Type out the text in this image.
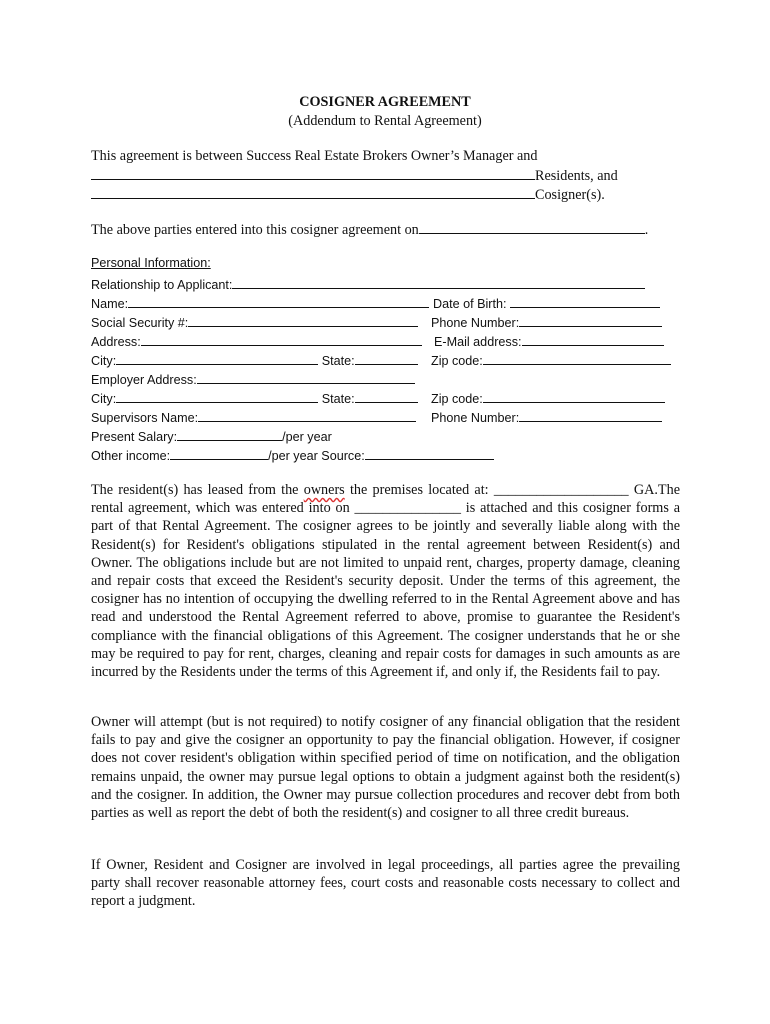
COSIGNER AGREEMENT
(Addendum to Rental Agreement)
This agreement is between Success Real Estate Brokers Owner’s Manager and
Residents, and
Cosigner(s).
The above parties entered into this cosigner agreement on	.
Personal Information:
Relationship to Applicant:
Name:	Date of Birth:
Social Security #:	Phone Number:
Address:	E-Mail address:
City:	State:	Zip code:
Employer Address:
City:	State:	Zip code:
Supervisors Name:	Phone Number:
Present Salary:	/per year
Other income:	/per year Source:
The resident(s) has leased from the owners the premises located at: ___________________ GA.The rental agreement, which was entered into on _______________ is attached and this cosigner forms a part of that Rental Agreement. The cosigner agrees to be jointly and severally liable along with the Resident(s) for Resident's obligations stipulated in the rental agreement between Resident(s) and Owner. The obligations include but are not limited to unpaid rent, charges, property damage, cleaning and repair costs that exceed the Resident's security deposit. Under the terms of this agreement, the cosigner has no intention of occupying the dwelling referred to in the Rental Agreement above and has read and understood the Rental Agreement referred to above, promise to guarantee the Resident's compliance with the financial obligations of this Agreement. The cosigner understands that he or she may be required to pay for rent, charges, cleaning and repair costs for damages in such amounts as are incurred by the Residents under the terms of this Agreement if, and only if, the Residents fail to pay.
Owner will attempt (but is not required) to notify cosigner of any financial obligation that the resident fails to pay and give the cosigner an opportunity to pay the financial obligation. However, if cosigner does not cover resident's obligation within specified period of time on notification, and the obligation remains unpaid, the owner may pursue legal options to obtain a judgment against both the resident(s) and the cosigner. In addition, the Owner may pursue collection procedures and recover debt from both parties as well as report the debt of both the resident(s) and cosigner to all three credit bureaus.
If Owner, Resident and Cosigner are involved in legal proceedings, all parties agree the prevailing party shall recover reasonable attorney fees, court costs and reasonable costs necessary to collect and report a judgment.
